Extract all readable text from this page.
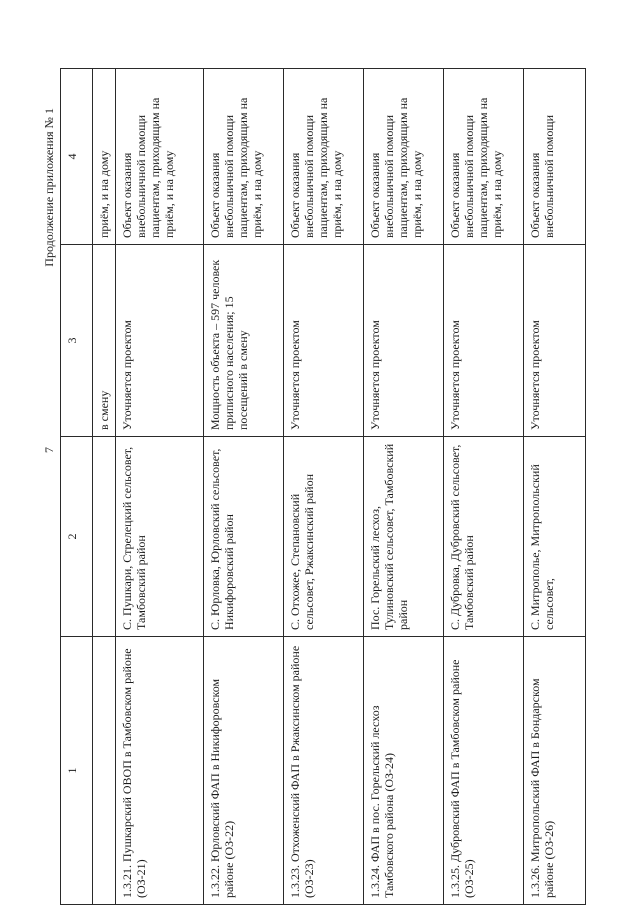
7
Продолжение приложения № 1
1	2	3	4
		в смену	приём, и на дому
1.3.21. Пушкарский ОВОП в Тамбовском районе (ОЗ-21)	С. Пушкари, Стрелецкий сельсовет, Тамбовский район	Уточняется проектом	Объект оказания внебольничной помощи пациентам, приходящим на приём, и на дому
1.3.22. Юрловский ФАП в Никифоровском районе (ОЗ-22)	С. Юрловка, Юрловский сельсовет, Никифоровский район	Мощность объекта – 597 человек приписного населения; 15 посещений в смену	Объект оказания внебольничной помощи пациентам, приходящим на приём, и на дому
1.3.23. Отхоженский ФАП в Ржаксинском районе (ОЗ-23)	С. Отхожее, Степановский сельсовет, Ржаксинский район	Уточняется проектом	Объект оказания внебольничной помощи пациентам, приходящим на приём, и на дому
1.3.24. ФАП в пос. Горельский лесхоз Тамбовского района (ОЗ-24)	Пос. Горельский лесхоз, Тулиновский сельсовет, Тамбовский район	Уточняется проектом	Объект оказания внебольничной помощи пациентам, приходящим на приём, и на дому
1.3.25. Дубровский ФАП в Тамбовском районе (ОЗ-25)	С. Дубровка, Дубровский сельсовет, Тамбовский район	Уточняется проектом	Объект оказания внебольничной помощи пациентам, приходящим на приём, и на дому
1.3.26. Митропольский ФАП в Бондарском районе (ОЗ-26)	С. Митрополье, Митропольский сельсовет,	Уточняется проектом	Объект оказания внебольничной помощи
